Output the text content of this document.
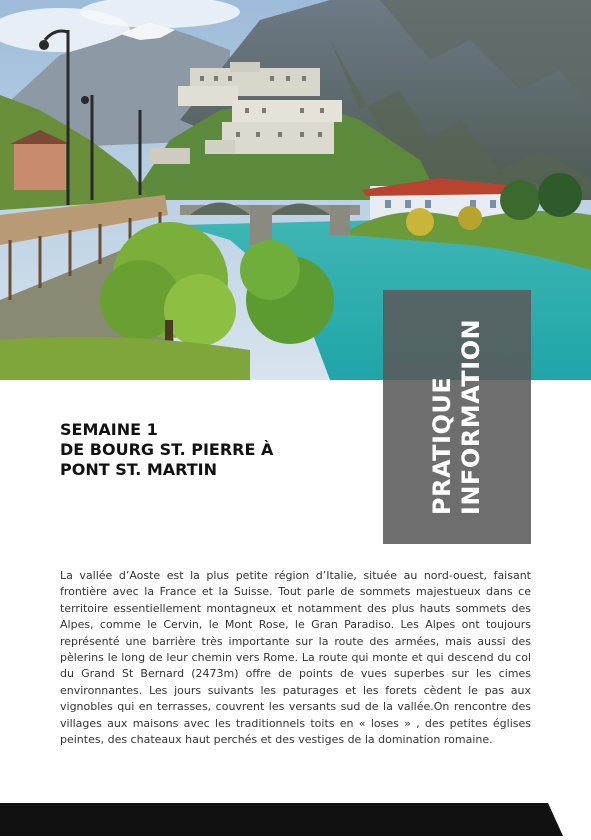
PRATIQUE INFORMATION
SEMAINE 1
DE BOURG ST. PIERRE À
PONT ST. MARTIN

La vallée d’Aoste est la plus petite région d’Italie, située au nord-ouest, faisant frontière avec la France et la Suisse. Tout parle de sommets majestueux dans ce territoire essentiellement montagneux et notamment des plus hauts sommets des Alpes, comme le Cervin, le Mont Rose, le Gran Paradiso. Les Alpes ont toujours représenté une barrière très importante sur la route des armées, mais aussi des pèlerins le long de leur chemin vers Rome. La route qui monte et qui descend du col du Grand St Bernard (2473m) offre de points de vues superbes sur les cimes environnantes. Les jours suivants les paturages et les forets cèdent le pas aux vignobles qui en terrasses, couvrent les versants sud de la vallée.On rencontre des villages aux maisons avec les traditionnels toits en « loses » , des petites églises peintes, des chateaux haut perchés et des vestiges de la domination romaine.
